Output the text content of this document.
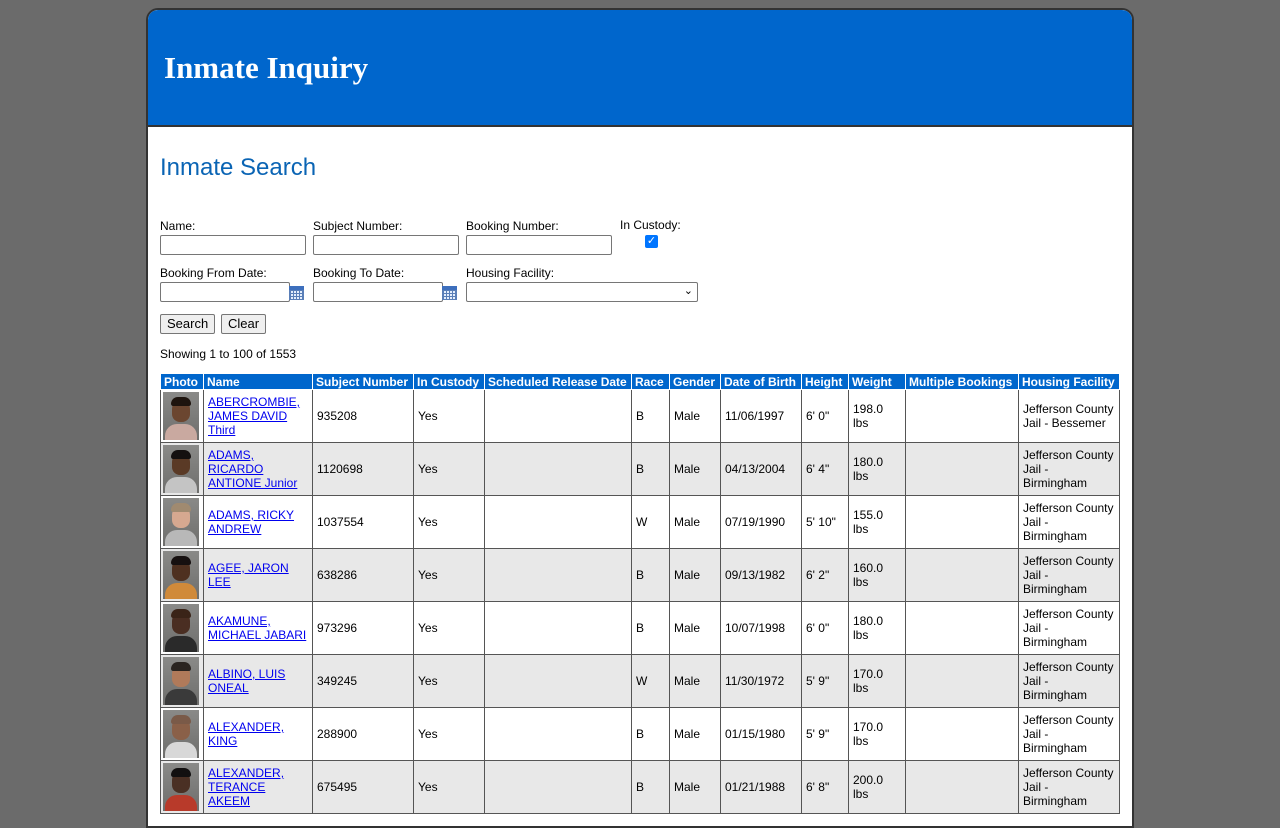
Inmate Inquiry
Inmate Search
Name:	Subject Number:	Booking Number:	In Custody:
✓
Booking From Date:	Booking To Date:	Housing Facility:
⌄
Search	Clear
Showing 1 to 100 of 1553
Photo	Name	Subject Number	In Custody	Scheduled Release Date	Race	Gender	Date of Birth	Height	Weight	Multiple Bookings	Housing Facility

	ABERCROMBIE,
JAMES DAVID
Third	935208	Yes		B	Male	11/06/1997	6' 0"	198.0 lbs		Jefferson County
Jail - Bessemer

	ADAMS,
RICARDO
ANTIONE Junior	1120698	Yes		B	Male	04/13/2004	6' 4"	180.0 lbs		Jefferson County
Jail - Birmingham

	ADAMS, RICKY
ANDREW	1037554	Yes		W	Male	07/19/1990	5' 10"	155.0 lbs		Jefferson County
Jail - Birmingham

	AGEE, JARON
LEE	638286	Yes		B	Male	09/13/1982	6' 2"	160.0 lbs		Jefferson County
Jail - Birmingham

	AKAMUNE,
MICHAEL JABARI	973296	Yes		B	Male	10/07/1998	6' 0"	180.0 lbs		Jefferson County
Jail - Birmingham

	ALBINO, LUIS
ONEAL	349245	Yes		W	Male	11/30/1972	5' 9"	170.0 lbs		Jefferson County
Jail - Birmingham

	ALEXANDER,
KING	288900	Yes		B	Male	01/15/1980	5' 9"	170.0 lbs		Jefferson County
Jail - Birmingham

	ALEXANDER,
TERANCE
AKEEM	675495	Yes		B	Male	01/21/1988	6' 8"	200.0 lbs		Jefferson County
Jail - Birmingham
